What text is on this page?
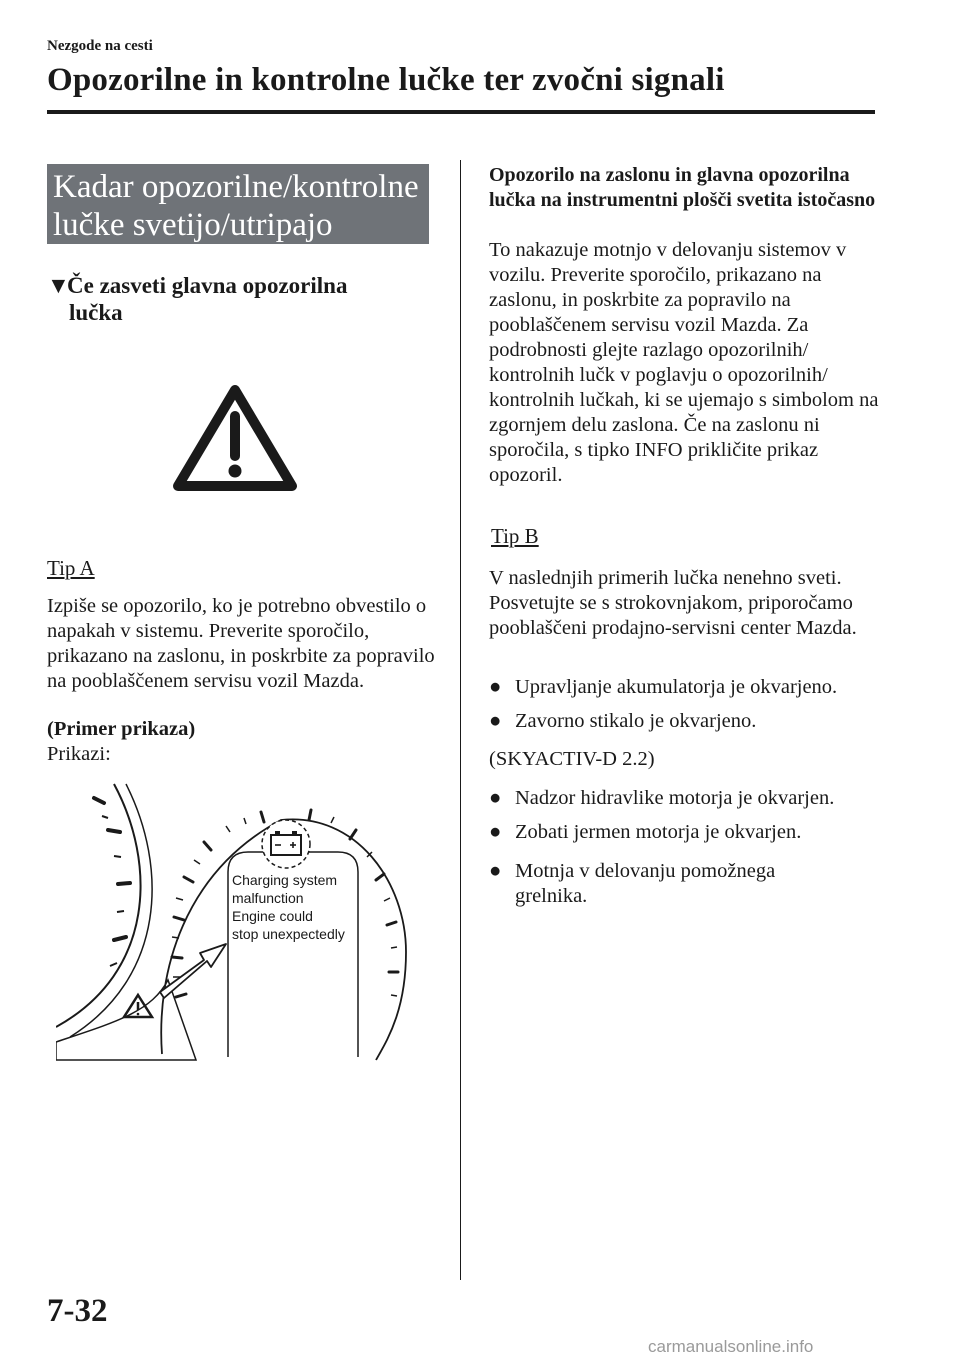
Nezgode na cesti
Opozorilne in kontrolne lučke ter zvočni signali
Kadar opozorilne/kontrolne
lučke svetijo/utripajo
▼Če zasveti glavna opozorilna
lučka
Tip A
Izpiše se opozorilo, ko je potrebno obvestilo o napakah v sistemu. Preverite sporočilo, prikazano na zaslonu, in poskrbite za popravilo na pooblaščenem servisu vozil Mazda.
(Primer prikaza)
Prikazi:
Charging system
malfunction
Engine could
stop unexpectedly
Opozorilo na zaslonu in glavna opozorilna lučka na instrumentni plošči svetita istočasno
To nakazuje motnjo v delovanju sistemov v vozilu. Preverite sporočilo, prikazano na zaslonu, in poskrbite za popravilo na pooblaščenem servisu vozil Mazda. Za podrobnosti glejte razlago opozorilnih/ kontrolnih lučk v poglavju o opozorilnih/ kontrolnih lučkah, ki se ujemajo s simbolom na zgornjem delu zaslona. Če na zaslonu ni sporočila, s tipko INFO prikličite prikaz opozoril.
Tip B
V naslednjih primerih lučka nenehno sveti. Posvetujte se s strokovnjakom, priporočamo pooblaščeni prodajno-servisni center Mazda.
● Upravljanje akumulatorja je okvarjeno.
● Zavorno stikalo je okvarjeno.
(SKYACTIV-D 2.2)
● Nadzor hidravlike motorja je okvarjen.
● Zobati jermen motorja je okvarjen.
● Motnja v delovanju pomožnega
grelnika.
7-32
carmanualsonline.info
